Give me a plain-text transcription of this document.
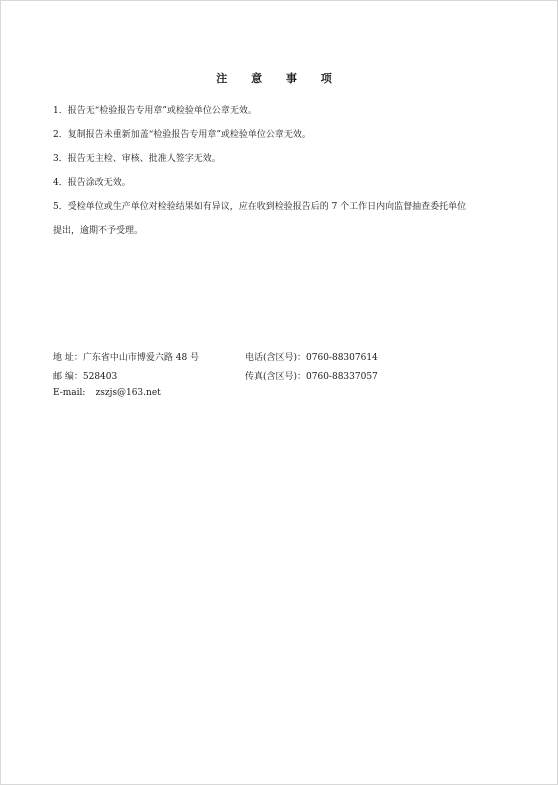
注 意 事 项
1．报告无“检验报告专用章”或检验单位公章无效。
2．复制报告未重新加盖“检验报告专用章”或检验单位公章无效。
3．报告无主检、审核、批准人签字无效。
4．报告涂改无效。
5．受检单位或生产单位对检验结果如有异议，应在收到检验报告后的 7 个工作日内向监督抽查委托单位
提出，逾期不予受理。
地 址：广东省中山市博爱六路 48 号	电话(含区号)：0760-88307614
邮 编：528403	传真(含区号)：0760-88337057
E-mail: zszjs@163.net
